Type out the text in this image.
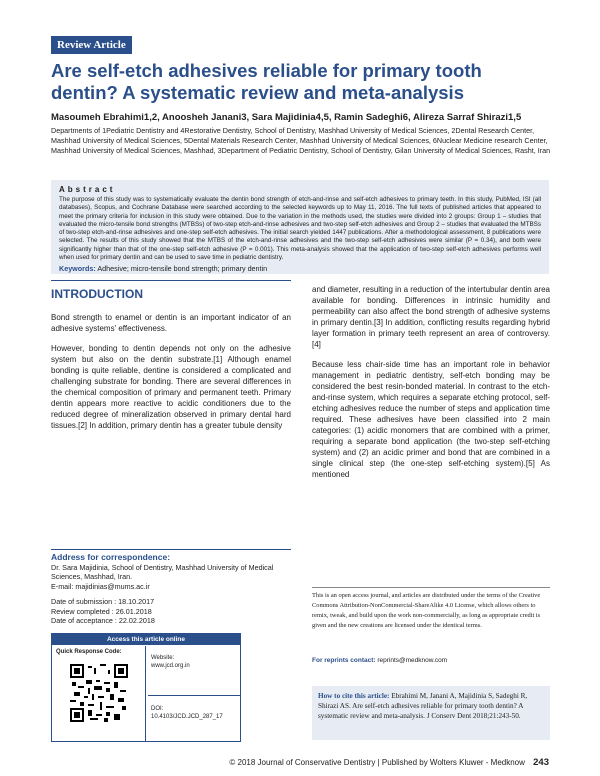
Review Article
Are self-etch adhesives reliable for primary tooth dentin? A systematic review and meta-analysis
Masoumeh Ebrahimi1,2, Anoosheh Janani3, Sara Majidinia4,5, Ramin Sadeghi6, Alireza Sarraf Shirazi1,5
Departments of 1Pediatric Dentistry and 4Restorative Dentistry, School of Dentistry, Mashhad University of Medical Sciences, 2Dental Research Center, Mashhad University of Medical Sciences, 5Dental Materials Research Center, Mashhad University of Medical Sciences, 6Nuclear Medicine research Center, Mashhad University of Medical Sciences, Mashhad, 3Department of Pediatric Dentistry, School of Dentistry, Gilan University of Medical Sciences, Rasht, Iran
Abstract
The purpose of this study was to systematically evaluate the dentin bond strength of etch-and-rinse and self-etch adhesives to primary teeth. In this study, PubMed, ISI (all databases), Scopus, and Cochrane Database were searched according to the selected keywords up to May 11, 2016. The full texts of published articles that appeared to meet the primary criteria for inclusion in this study were obtained. Due to the variation in the methods used, the studies were divided into 2 groups: Group 1 – studies that evaluated the micro-tensile bond strengths (MTBSs) of two-step etch-and-rinse adhesives and two-step self-etch adhesives and Group 2 – studies that evaluated the MTBSs of two-step etch-and-rinse adhesives and one-step self-etch adhesives. The initial search yielded 1447 publications. After a methodological assessment, 8 publications were selected. The results of this study showed that the MTBS of the etch-and-rinse adhesives and the two-step self-etch adhesives were similar (P = 0.34), and both were significantly higher than that of the one-step self-etch adhesive (P = 0.001). This meta-analysis showed that the application of two-step self-etch adhesives performs well when used for primary dentin and can be used to save time in pediatric dentistry.
Keywords: Adhesive; micro-tensile bond strength; primary dentin
INTRODUCTION

Bond strength to enamel or dentin is an important indicator of an adhesive systems' effectiveness.

However, bonding to dentin depends not only on the adhesive system but also on the dentin substrate.[1] Although enamel bonding is quite reliable, dentine is considered a complicated and challenging substrate for bonding. There are several differences in the chemical composition of primary and permanent teeth. Primary dentin appears more reactive to acidic conditioners due to the reduced degree of mineralization observed in primary dental hard tissues.[2] In addition, primary dentin has a greater tubule density

and diameter, resulting in a reduction of the intertubular dentin area available for bonding. Differences in intrinsic humidity and permeability can also affect the bond strength of adhesive systems in primary dentin.[3] In addition, conflicting results regarding hybrid layer formation in primary teeth represent an area of controversy.[4]

Because less chair-side time has an important role in behavior management in pediatric dentistry, self-etch bonding may be considered the best resin-bonded material. In contrast to the etch-and-rinse system, which requires a separate etching protocol, self-etching adhesives reduce the number of steps and application time required. These adhesives have been classified into 2 main categories: (1) acidic monomers that are combined with a primer, requiring a separate bond application (the two-step self-etching system) and (2) an acidic primer and bond that are combined in a single clinical step (the one-step self-etching system).[5] As mentioned

Address for correspondence:
Dr. Sara Majidinia, School of Dentistry, Mashhad University of Medical Sciences, Mashhad, Iran.
E-mail: majidinias@mums.ac.ir
Date of submission : 18.10.2017
Review completed : 26.01.2018
Date of acceptance : 22.02.2018
Access this article online
Quick Response Code:
Website:
www.jcd.org.in
DOI:
10.4103/JCD.JCD_287_17
This is an open access journal, and articles are distributed under the terms of the Creative Commons Attribution-NonCommercial-ShareAlike 4.0 License, which allows others to remix, tweak, and build upon the work non-commercially, as long as appropriate credit is given and the new creations are licensed under the identical terms.
For reprints contact: reprints@medknow.com
How to cite this article: Ebrahimi M, Janani A, Majidinia S, Sadeghi R, Shirazi AS. Are self-etch adhesives reliable for primary tooth dentin? A systematic review and meta-analysis. J Conserv Dent 2018;21:243-50.
© 2018 Journal of Conservative Dentistry | Published by Wolters Kluwer - Medknow 243
